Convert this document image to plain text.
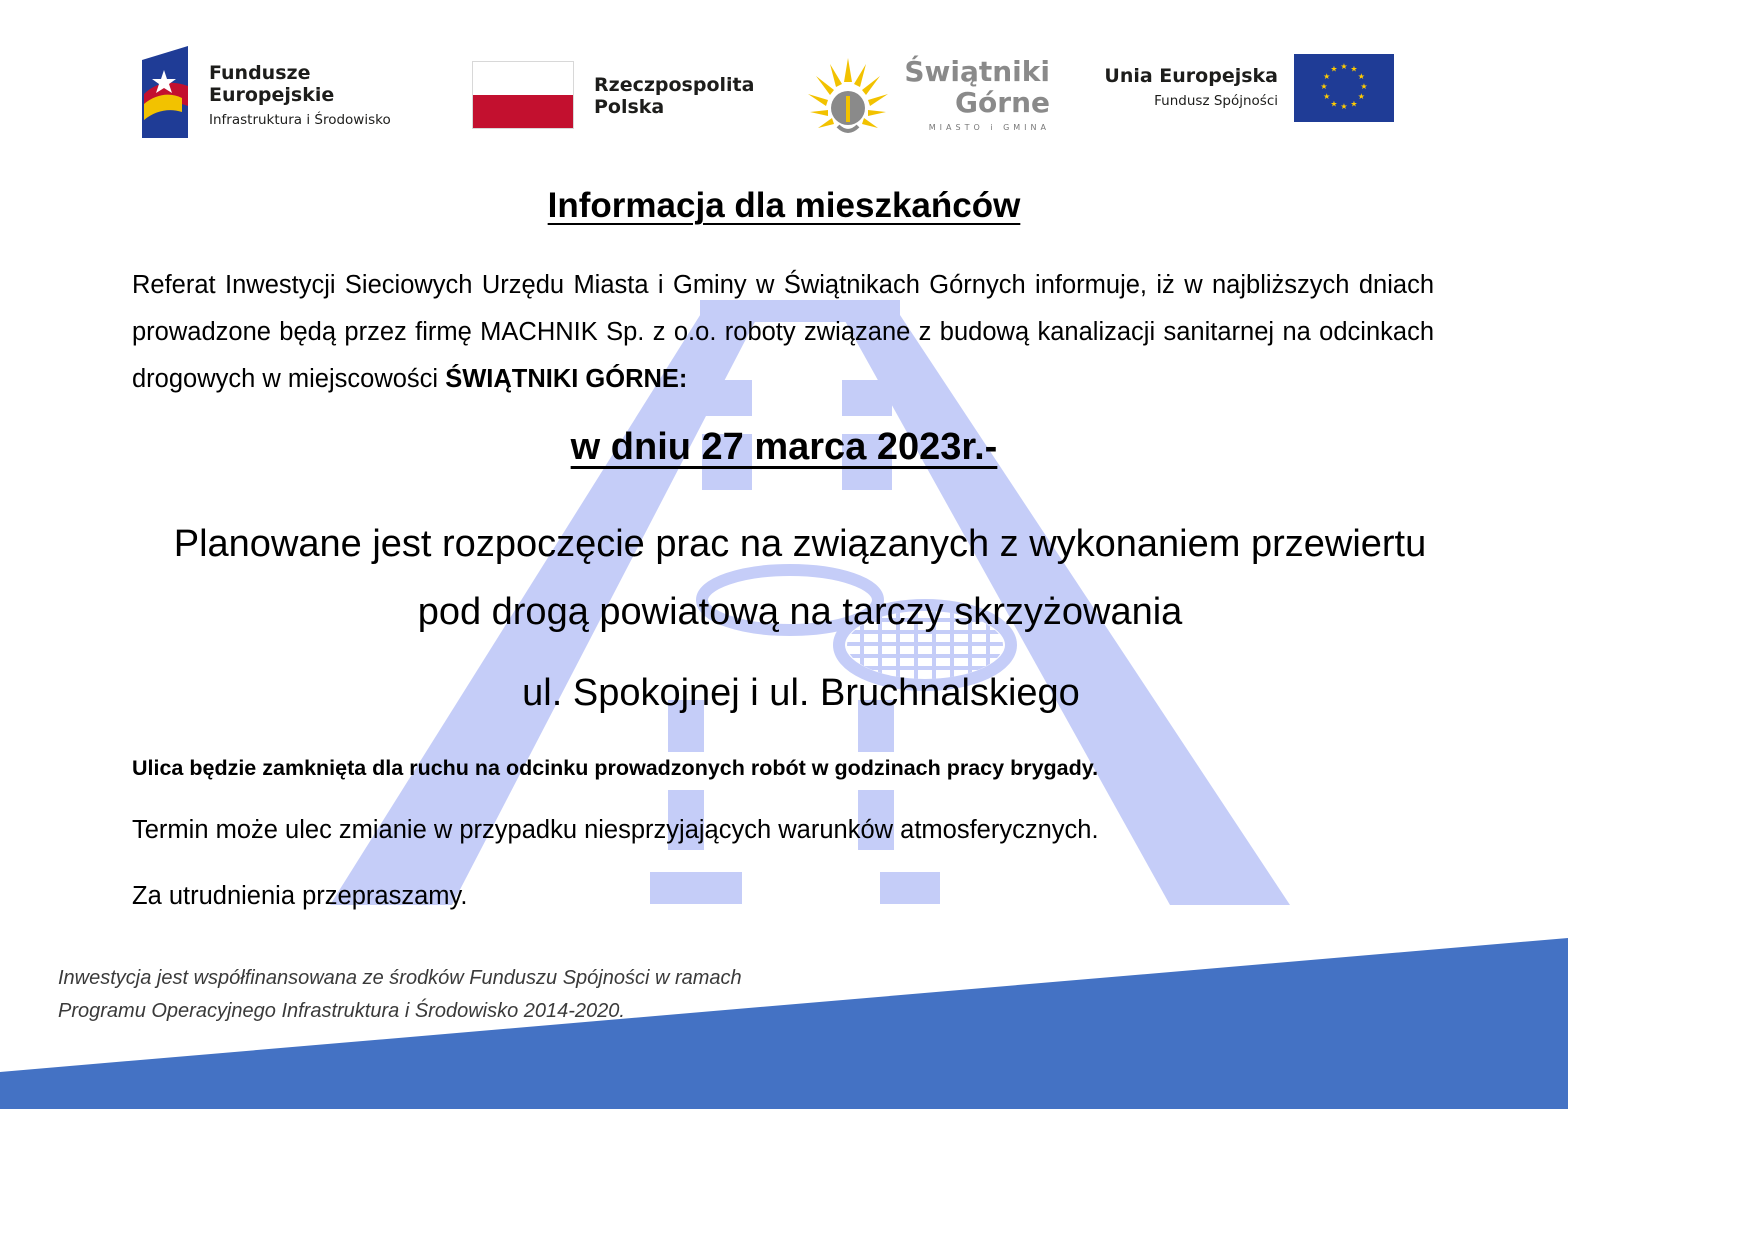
Fundusze
Europejskie
Infrastruktura i Środowisko
Rzeczpospolita
Polska
Świątniki
Górne
MIASTO i GMINA
Unia Europejska
Fundusz Spójności
★ ★
★
★
★
★
★
★
★
★
★
★
Informacja dla mieszkańców
Referat Inwestycji Sieciowych Urzędu Miasta i Gminy w Świątnikach Górnych informuje, iż w najbliższych dniach prowadzone będą przez firmę MACHNIK Sp. z o.o. roboty związane z budową kanalizacji sanitarnej na odcinkach drogowych w miejscowości ŚWIĄTNIKI GÓRNE:
w dniu 27 marca 2023r.-
Planowane jest rozpoczęcie prac na związanych z wykonaniem przewiertu pod drogą powiatową na tarczy skrzyżowania
ul. Spokojnej i ul. Bruchnalskiego
Ulica będzie zamknięta dla ruchu na odcinku prowadzonych robót w godzinach pracy brygady.
Termin może ulec zmianie w przypadku niesprzyjających warunków atmosferycznych.
Za utrudnienia przepraszamy.
Inwestycja jest współfinansowana ze środków Funduszu Spójności w ramach
Programu Operacyjnego Infrastruktura i Środowisko 2014-2020.
